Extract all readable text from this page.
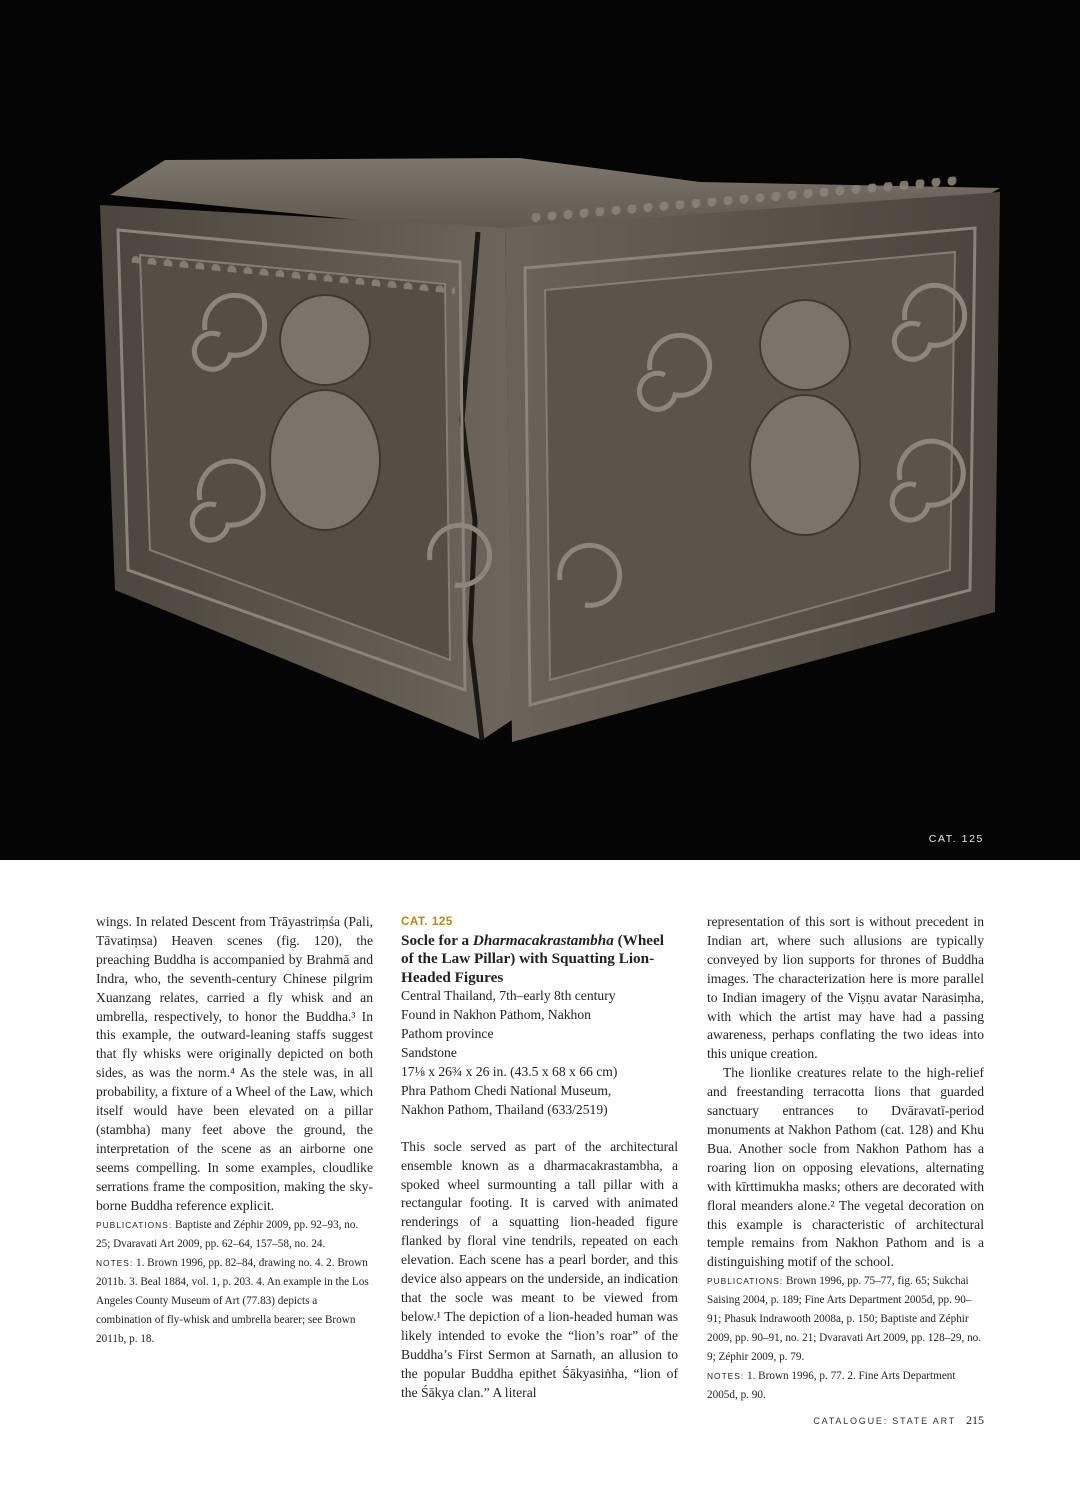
CAT. 125

wings. In related Descent from Trāyastriṃśa (Pali, Tāvatiṃsa) Heaven scenes (fig. 120), the preaching Buddha is accompanied by Brahmā and Indra, who, the seventh-century Chinese pilgrim Xuanzang relates, carried a fly whisk and an umbrella, respectively, to honor the Buddha.³ In this example, the outward-leaning staffs suggest that fly whisks were originally depicted on both sides, as was the norm.⁴ As the stele was, in all probability, a fixture of a Wheel of the Law, which itself would have been elevated on a pillar (stambha) many feet above the ground, the interpretation of the scene as an airborne one seems compelling. In some examples, cloudlike serrations frame the composition, making the sky-borne Buddha reference explicit.

PUBLICATIONS: Baptiste and Zéphir 2009, pp. 92–93, no. 25; Dvaravati Art 2009, pp. 62–64, 157–58, no. 24.

NOTES: 1. Brown 1996, pp. 82–84, drawing no. 4. 2. Brown 2011b. 3. Beal 1884, vol. 1, p. 203. 4. An example in the Los Angeles County Museum of Art (77.83) depicts a combination of fly-whisk and umbrella bearer; see Brown 2011b, p. 18.

CAT. 125

Socle for a Dharmacakrastambha (Wheel of the Law Pillar) with Squatting Lion-Headed Figures

Central Thailand, 7th–early 8th century

Found in Nakhon Pathom, Nakhon

Pathom province

Sandstone

17⅛ x 26¾ x 26 in. (43.5 x 68 x 66 cm)

Phra Pathom Chedi National Museum,

Nakhon Pathom, Thailand (633/2519)

This socle served as part of the architectural ensemble known as a dharmacakrastambha, a spoked wheel surmounting a tall pillar with a rectangular footing. It is carved with animated renderings of a squatting lion-headed figure flanked by floral vine tendrils, repeated on each elevation. Each scene has a pearl border, and this device also appears on the underside, an indication that the socle was meant to be viewed from below.¹ The depiction of a lion-headed human was likely intended to evoke the “lion’s roar” of the Buddha’s First Sermon at Sarnath, an allusion to the popular Buddha epithet Śākyasiṅha, “lion of the Śākya clan.” A literal

representation of this sort is without precedent in Indian art, where such allusions are typically conveyed by lion supports for thrones of Buddha images. The characterization here is more parallel to Indian imagery of the Viṣṇu avatar Narasiṃha, with which the artist may have had a passing awareness, perhaps conflating the two ideas into this unique creation.

The lionlike creatures relate to the high-relief and freestanding terracotta lions that guarded sanctuary entrances to Dvāravatī-period monuments at Nakhon Pathom (cat. 128) and Khu Bua. Another socle from Nakhon Pathom has a roaring lion on opposing elevations, alternating with kīrttimukha masks; others are decorated with floral meanders alone.² The vegetal decoration on this example is characteristic of architectural temple remains from Nakhon Pathom and is a distinguishing motif of the school.

PUBLICATIONS: Brown 1996, pp. 75–77, fig. 65; Sukchai Saising 2004, p. 189; Fine Arts Department 2005d, pp. 90–91; Phasuk Indrawooth 2008a, p. 150; Baptiste and Zéphir 2009, pp. 90–91, no. 21; Dvaravati Art 2009, pp. 128–29, no. 9; Zéphir 2009, p. 79.

NOTES: 1. Brown 1996, p. 77. 2. Fine Arts Department 2005d, p. 90.

CATALOGUE: STATE ART 215
